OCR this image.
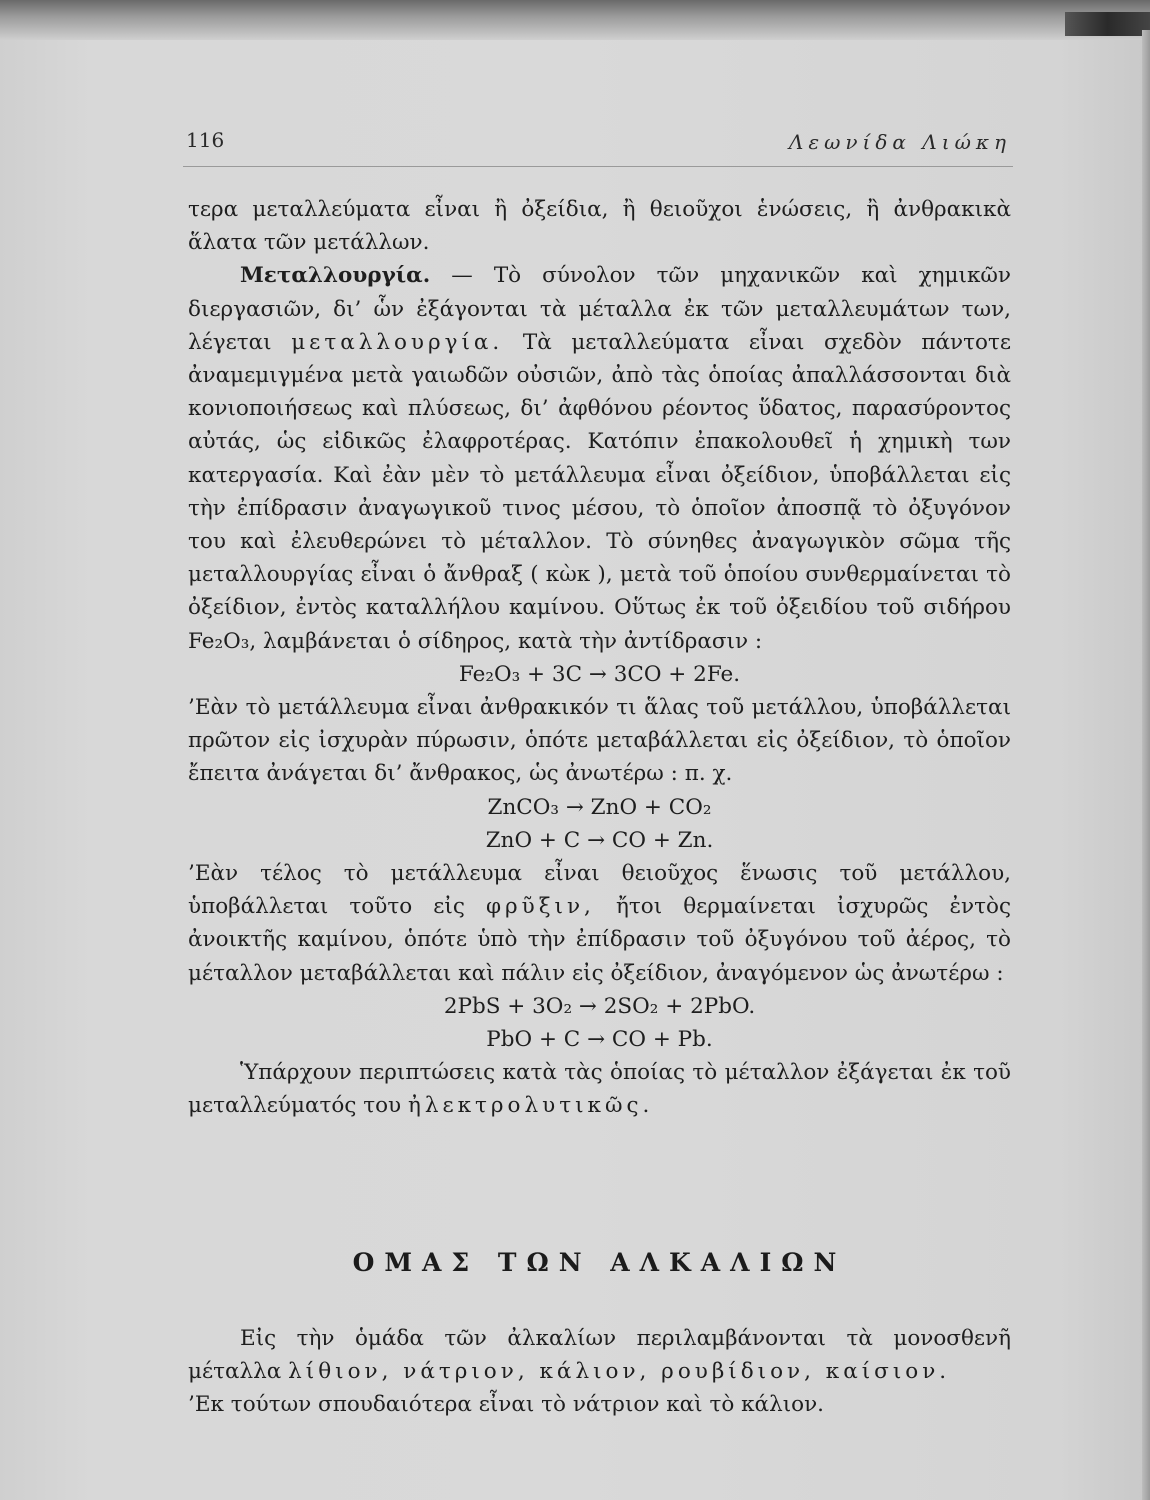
116	Λεωνίδα Λιώκη

τερα μεταλλεύματα εἶναι ἢ ὀξείδια, ἢ θειοῦχοι ἑνώσεις, ἢ ἀνθρακικὰ ἅλατα τῶν μετάλλων.

Μεταλλουργία. — Τὸ σύνολον τῶν μηχανικῶν καὶ χημικῶν διεργασιῶν, δι’ ὧν ἐξάγονται τὰ μέταλλα ἐκ τῶν μεταλλευμάτων των, λέγεται μεταλλουργία. Τὰ μεταλλεύματα εἶναι σχεδὸν πάντοτε ἀναμεμιγμένα μετὰ γαιωδῶν οὐσιῶν, ἀπὸ τὰς ὁποίας ἀπαλλάσσονται διὰ κονιοποιήσεως καὶ πλύσεως, δι’ ἀφθόνου ρέοντος ὕδατος, παρασύροντος αὐτάς, ὡς εἰδικῶς ἐλαφροτέρας. Κατόπιν ἐπακολουθεῖ ἡ χημικὴ των κατεργασία. Καὶ ἐὰν μὲν τὸ μετάλλευμα εἶναι ὀξείδιον, ὑποβάλλεται εἰς τὴν ἐπίδρασιν ἀναγωγικοῦ τινος μέσου, τὸ ὁποῖον ἀποσπᾷ τὸ ὀξυγόνον του καὶ ἐλευθερώνει τὸ μέταλλον. Τὸ σύνηθες ἀναγωγικὸν σῶμα τῆς μεταλλουργίας εἶναι ὁ ἄνθραξ ( κὼκ ), μετὰ τοῦ ὁποίου συνθερμαίνεται τὸ ὀξείδιον, ἐντὸς καταλλήλου καμίνου. Οὕτως ἐκ τοῦ ὀξειδίου τοῦ σιδήρου Fe₂O₃, λαμβάνεται ὁ σίδηρος, κατὰ τὴν ἀντίδρασιν :

Fe₂O₃ + 3C → 3CO + 2Fe.

’Εὰν τὸ μετάλλευμα εἶναι ἀνθρακικόν τι ἅλας τοῦ μετάλλου, ὑποβάλλεται πρῶτον εἰς ἰσχυρὰν πύρωσιν, ὁπότε μεταβάλλεται εἰς ὀξείδιον, τὸ ὁποῖον ἔπειτα ἀνάγεται δι’ ἄνθρακος, ὡς ἀνωτέρω : π. χ.

ZnCO₃ → ZnO + CO₂

ZnO + C → CO + Zn.

’Εὰν τέλος τὸ μετάλλευμα εἶναι θειοῦχος ἕνωσις τοῦ μετάλλου, ὑποβάλλεται τοῦτο εἰς φρῦξιν, ἤτοι θερμαίνεται ἰσχυρῶς ἐντὸς ἀνοικτῆς καμίνου, ὁπότε ὑπὸ τὴν ἐπίδρασιν τοῦ ὀξυγόνου τοῦ ἀέρος, τὸ μέταλλον μεταβάλλεται καὶ πάλιν εἰς ὀξείδιον, ἀναγόμενον ὡς ἀνωτέρω :

2PbS + 3O₂ → 2SO₂ + 2PbO.

PbO + C → CO + Pb.

Ὑπάρχουν περιπτώσεις κατὰ τὰς ὁποίας τὸ μέταλλον ἐξάγεται ἐκ τοῦ μεταλλεύματός του ἠλεκτρολυτικῶς.

ΟΜΑΣ ΤΩΝ ΑΛΚΑΛΙΩΝ

Εἰς τὴν ὁμάδα τῶν ἀλκαλίων περιλαμβάνονται τὰ μονοσθενῆ μέταλλα λίθιον, νάτριον, κάλιον, ρουβίδιον, καίσιον.

’Εκ τούτων σπουδαιότερα εἶναι τὸ νάτριον καὶ τὸ κάλιον.
